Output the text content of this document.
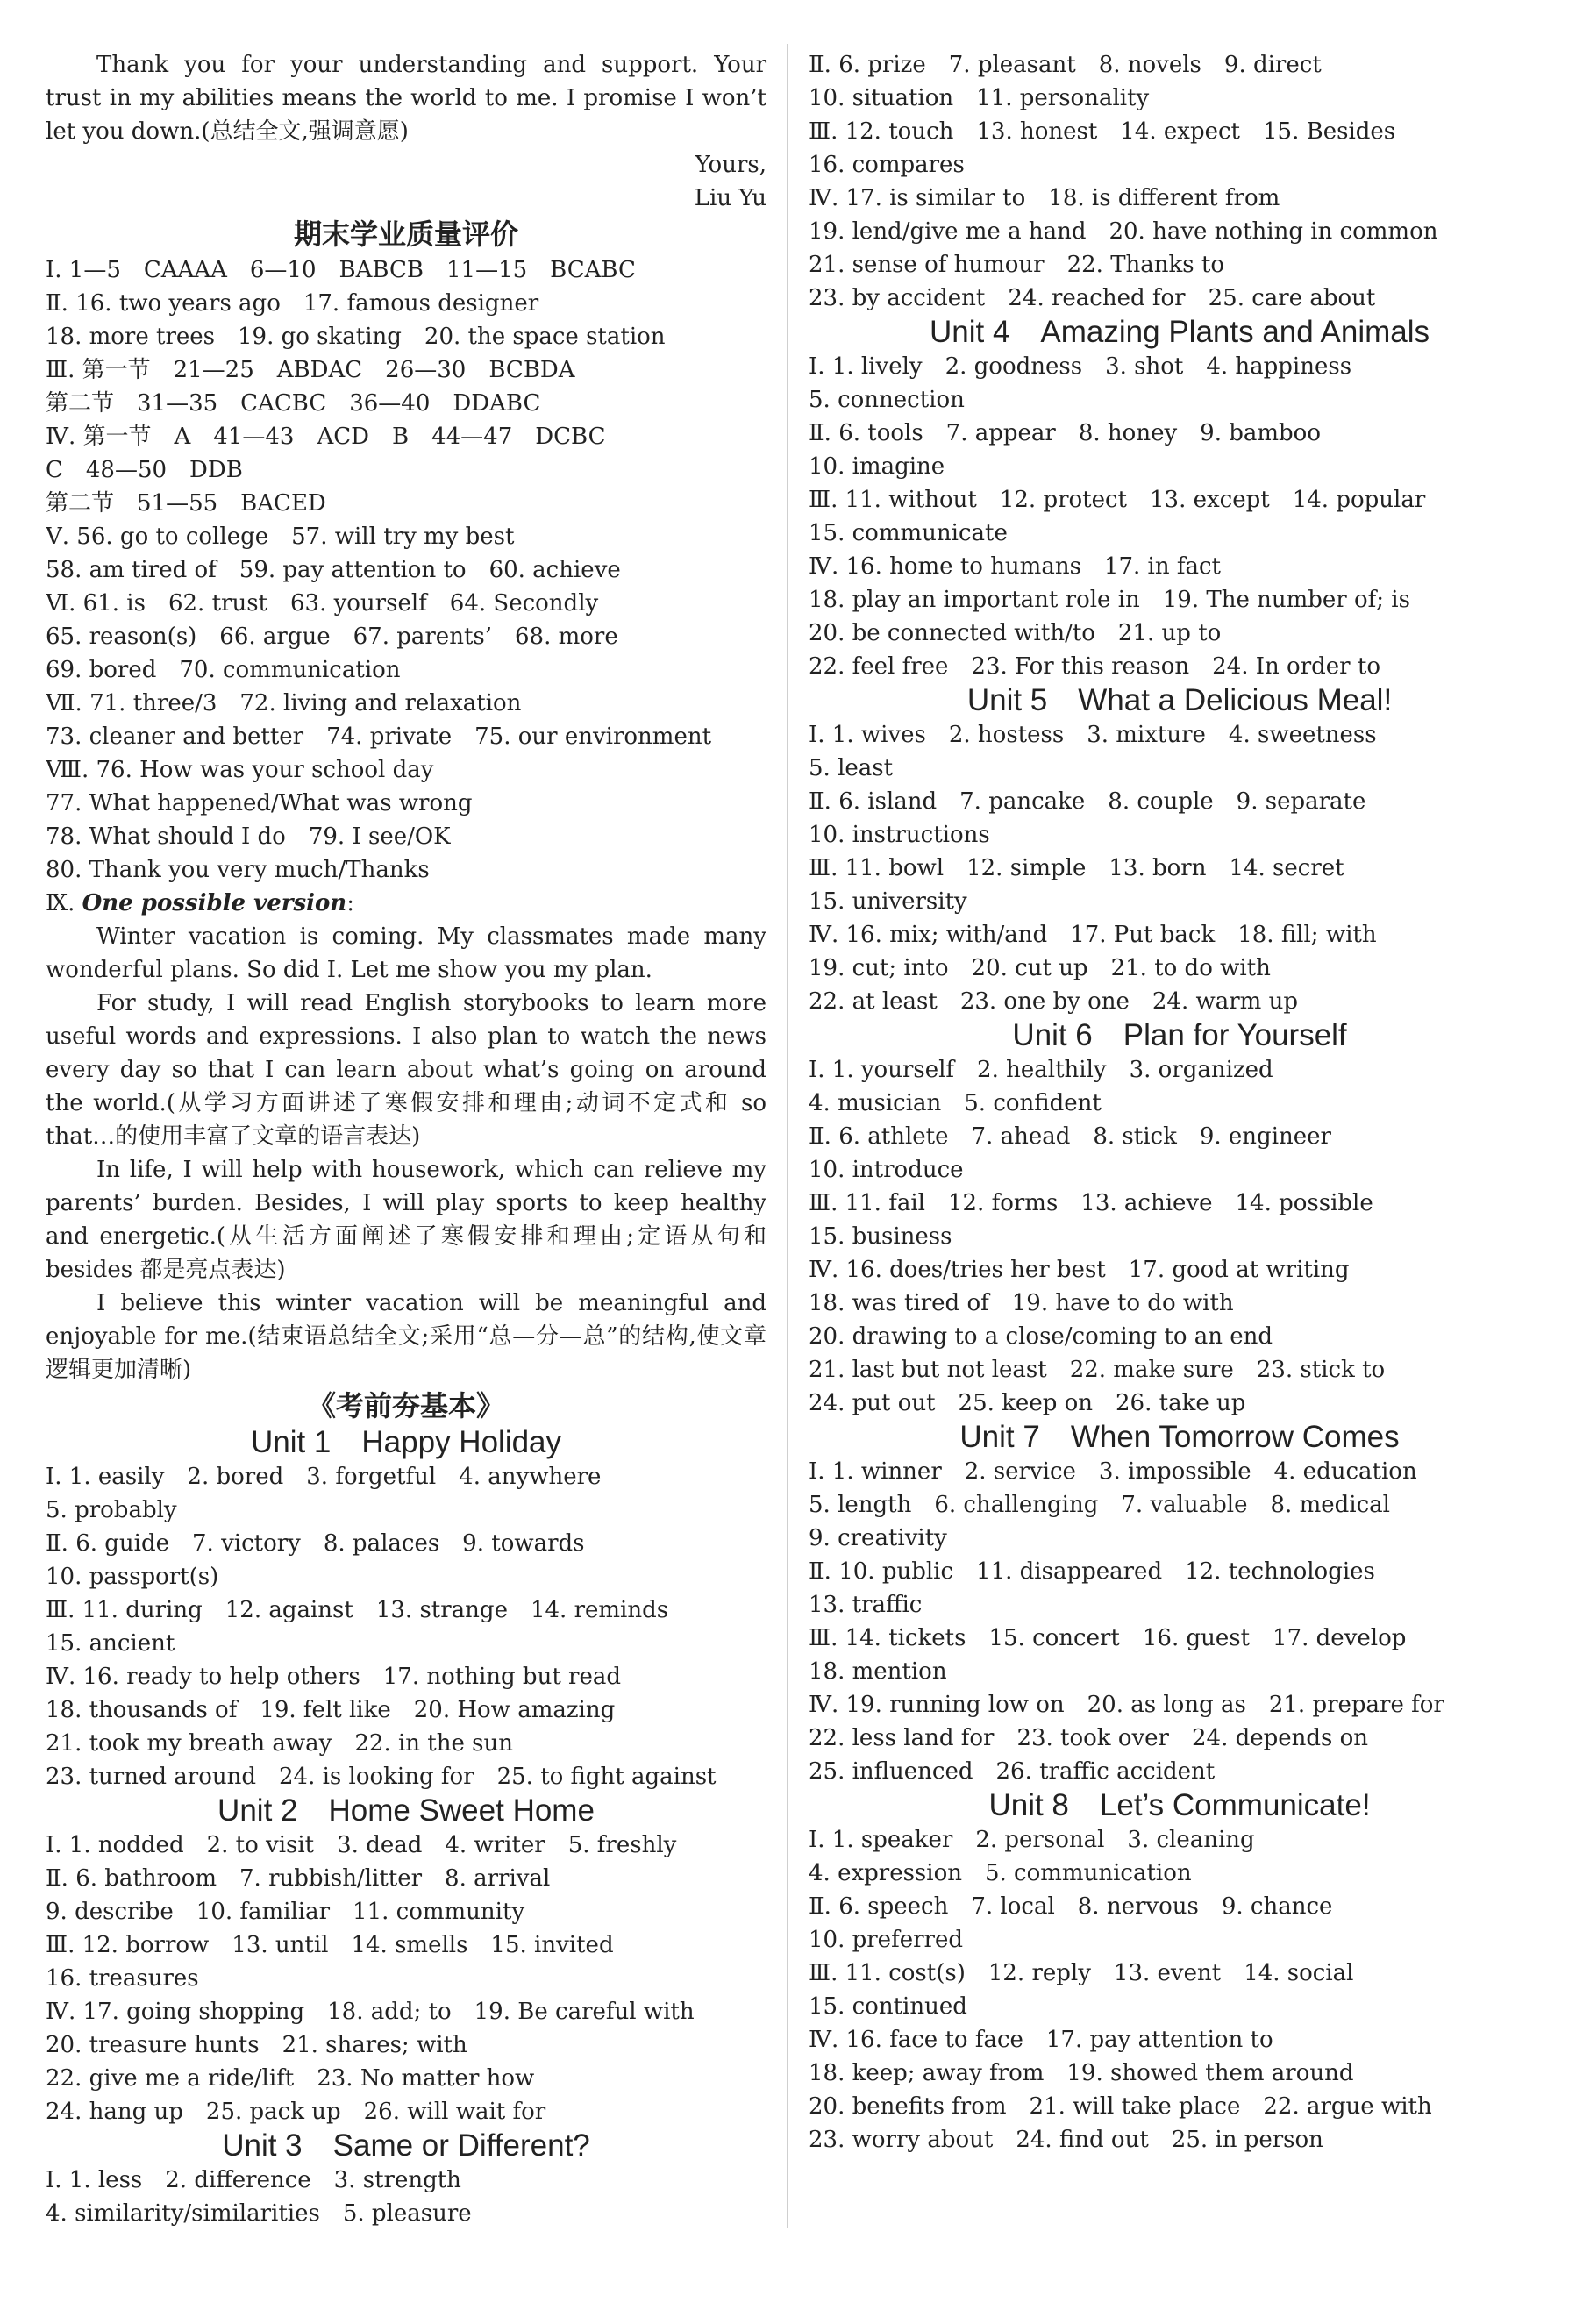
Thank you for your understanding and support. Your trust in my abilities means the world to me. I promise I won’t let you down.(总结全文,强调意愿)
Yours,
Liu Yu
期末学业质量评价
Ⅰ. 1—5　CAAAA　6—10　BABCB　11—15　BCABC
Ⅱ. 16. two years ago　17. famous designer
18. more trees　19. go skating　20. the space station
Ⅲ. 第一节　21—25　ABDAC　26—30　BCBDA
第二节　31—35　CACBC　36—40　DDABC
Ⅳ. 第一节　A　41—43　ACD　B　44—47　DCBC
C　48—50　DDB
第二节　51—55　BACED
Ⅴ. 56. go to college　57. will try my best
58. am tired of　59. pay attention to　60. achieve
Ⅵ. 61. is　62. trust　63. yourself　64. Secondly
65. reason(s)　66. argue　67. parents’　68. more
69. bored　70. communication
Ⅶ. 71. three/3　72. living and relaxation
73. cleaner and better　74. private　75. our environment
Ⅷ. 76. How was your school day
77. What happened/What was wrong
78. What should I do　79. I see/OK
80. Thank you very much/Thanks
Ⅸ. One possible version:
Winter vacation is coming. My classmates made many wonderful plans. So did I. Let me show you my plan.
For study, I will read English storybooks to learn more useful words and expressions. I also plan to watch the news every day so that I can learn about what’s going on around the world.(从学习方面讲述了寒假安排和理由;动词不定式和 so that…的使用丰富了文章的语言表达)
In life, I will help with housework, which can relieve my parents’ burden. Besides, I will play sports to keep healthy and energetic.(从生活方面阐述了寒假安排和理由;定语从句和 besides 都是亮点表达)
I believe this winter vacation will be meaningful and enjoyable for me.(结束语总结全文;采用“总—分—总”的结构,使文章逻辑更加清晰)
《考前夯基本》
Unit 1　Happy Holiday
Ⅰ. 1. easily　2. bored　3. forgetful　4. anywhere
5. probably
Ⅱ. 6. guide　7. victory　8. palaces　9. towards
10. passport(s)
Ⅲ. 11. during　12. against　13. strange　14. reminds
15. ancient
Ⅳ. 16. ready to help others　17. nothing but read
18. thousands of　19. felt like　20. How amazing
21. took my breath away　22. in the sun
23. turned around　24. is looking for　25. to fight against
Unit 2　Home Sweet Home
Ⅰ. 1. nodded　2. to visit　3. dead　4. writer　5. freshly
Ⅱ. 6. bathroom　7. rubbish/litter　8. arrival
9. describe　10. familiar　11. community
Ⅲ. 12. borrow　13. until　14. smells　15. invited
16. treasures
Ⅳ. 17. going shopping　18. add; to　19. Be careful with
20. treasure hunts　21. shares; with
22. give me a ride/lift　23. No matter how
24. hang up　25. pack up　26. will wait for
Unit 3　Same or Different?
Ⅰ. 1. less　2. difference　3. strength
4. similarity/similarities　5. pleasure
Ⅱ. 6. prize　7. pleasant　8. novels　9. direct
10. situation　11. personality
Ⅲ. 12. touch　13. honest　14. expect　15. Besides
16. compares
Ⅳ. 17. is similar to　18. is different from
19. lend/give me a hand　20. have nothing in common
21. sense of humour　22. Thanks to
23. by accident　24. reached for　25. care about
Unit 4　Amazing Plants and Animals
Ⅰ. 1. lively　2. goodness　3. shot　4. happiness
5. connection
Ⅱ. 6. tools　7. appear　8. honey　9. bamboo
10. imagine
Ⅲ. 11. without　12. protect　13. except　14. popular
15. communicate
Ⅳ. 16. home to humans　17. in fact
18. play an important role in　19. The number of; is
20. be connected with/to　21. up to
22. feel free　23. For this reason　24. In order to
Unit 5　What a Delicious Meal!
Ⅰ. 1. wives　2. hostess　3. mixture　4. sweetness
5. least
Ⅱ. 6. island　7. pancake　8. couple　9. separate
10. instructions
Ⅲ. 11. bowl　12. simple　13. born　14. secret
15. university
Ⅳ. 16. mix; with/and　17. Put back　18. fill; with
19. cut; into　20. cut up　21. to do with
22. at least　23. one by one　24. warm up
Unit 6　Plan for Yourself
Ⅰ. 1. yourself　2. healthily　3. organized
4. musician　5. confident
Ⅱ. 6. athlete　7. ahead　8. stick　9. engineer
10. introduce
Ⅲ. 11. fail　12. forms　13. achieve　14. possible
15. business
Ⅳ. 16. does/tries her best　17. good at writing
18. was tired of　19. have to do with
20. drawing to a close/coming to an end
21. last but not least　22. make sure　23. stick to
24. put out　25. keep on　26. take up
Unit 7　When Tomorrow Comes
Ⅰ. 1. winner　2. service　3. impossible　4. education
5. length　6. challenging　7. valuable　8. medical
9. creativity
Ⅱ. 10. public　11. disappeared　12. technologies
13. traffic
Ⅲ. 14. tickets　15. concert　16. guest　17. develop
18. mention
Ⅳ. 19. running low on　20. as long as　21. prepare for
22. less land for　23. took over　24. depends on
25. influenced　26. traffic accident
Unit 8　Let’s Communicate!
Ⅰ. 1. speaker　2. personal　3. cleaning
4. expression　5. communication
Ⅱ. 6. speech　7. local　8. nervous　9. chance
10. preferred
Ⅲ. 11. cost(s)　12. reply　13. event　14. social
15. continued
Ⅳ. 16. face to face　17. pay attention to
18. keep; away from　19. showed them around
20. benefits from　21. will take place　22. argue with
23. worry about　24. find out　25. in person
